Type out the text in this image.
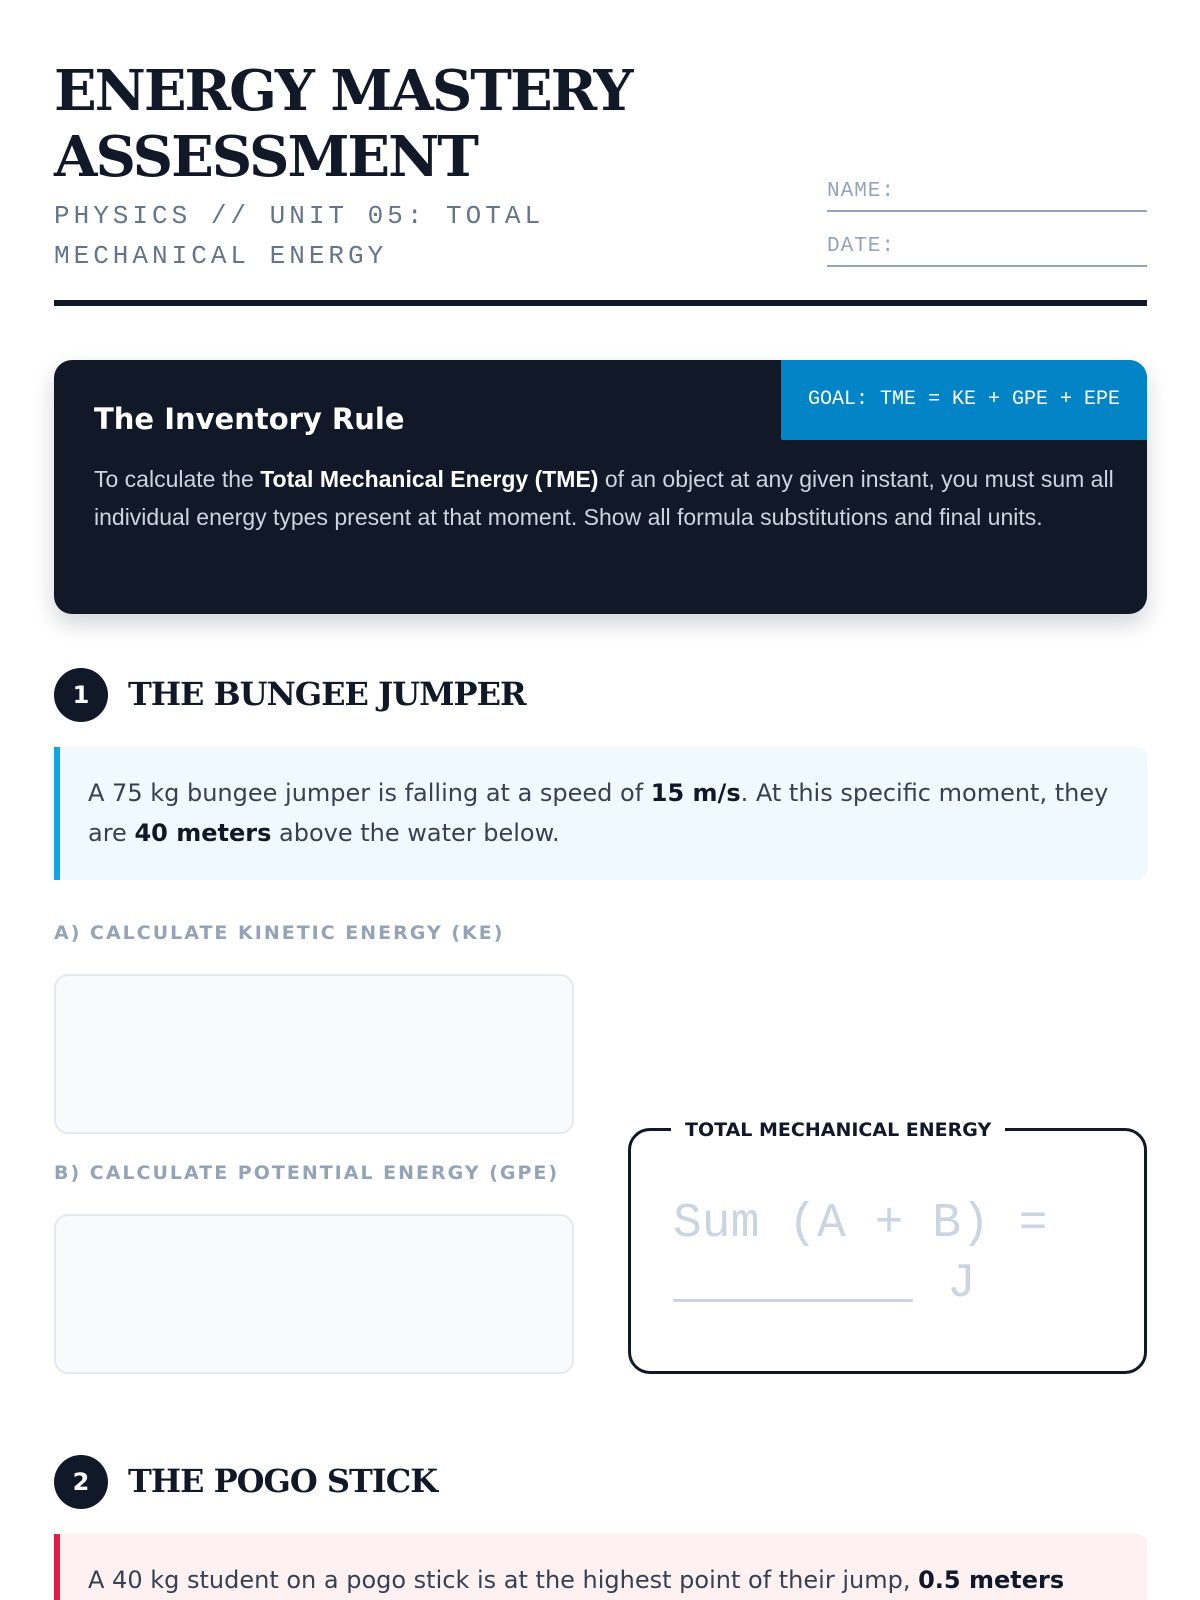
ENERGY MASTERY ASSESSMENT
PHYSICS // UNIT 05: TOTAL MECHANICAL ENERGY
NAME:
DATE:
GOAL: TME = KE + GPE + EPE
The Inventory Rule

To calculate the Total Mechanical Energy (TME) of an object at any given instant, you must sum all individual energy types present at that moment. Show all formula substitutions and final units.

1	THE BUNGEE JUMPER
A 75 kg bungee jumper is falling at a speed of 15 m/s. At this specific moment, they are 40 meters above the water below.
A) CALCULATE KINETIC ENERGY (KE)
B) CALCULATE POTENTIAL ENERGY (GPE)
TOTAL MECHANICAL ENERGY
Sum (A + B) =
J
2	THE POGO STICK
A 40 kg student on a pogo stick is at the highest point of their jump, 0.5 meters
